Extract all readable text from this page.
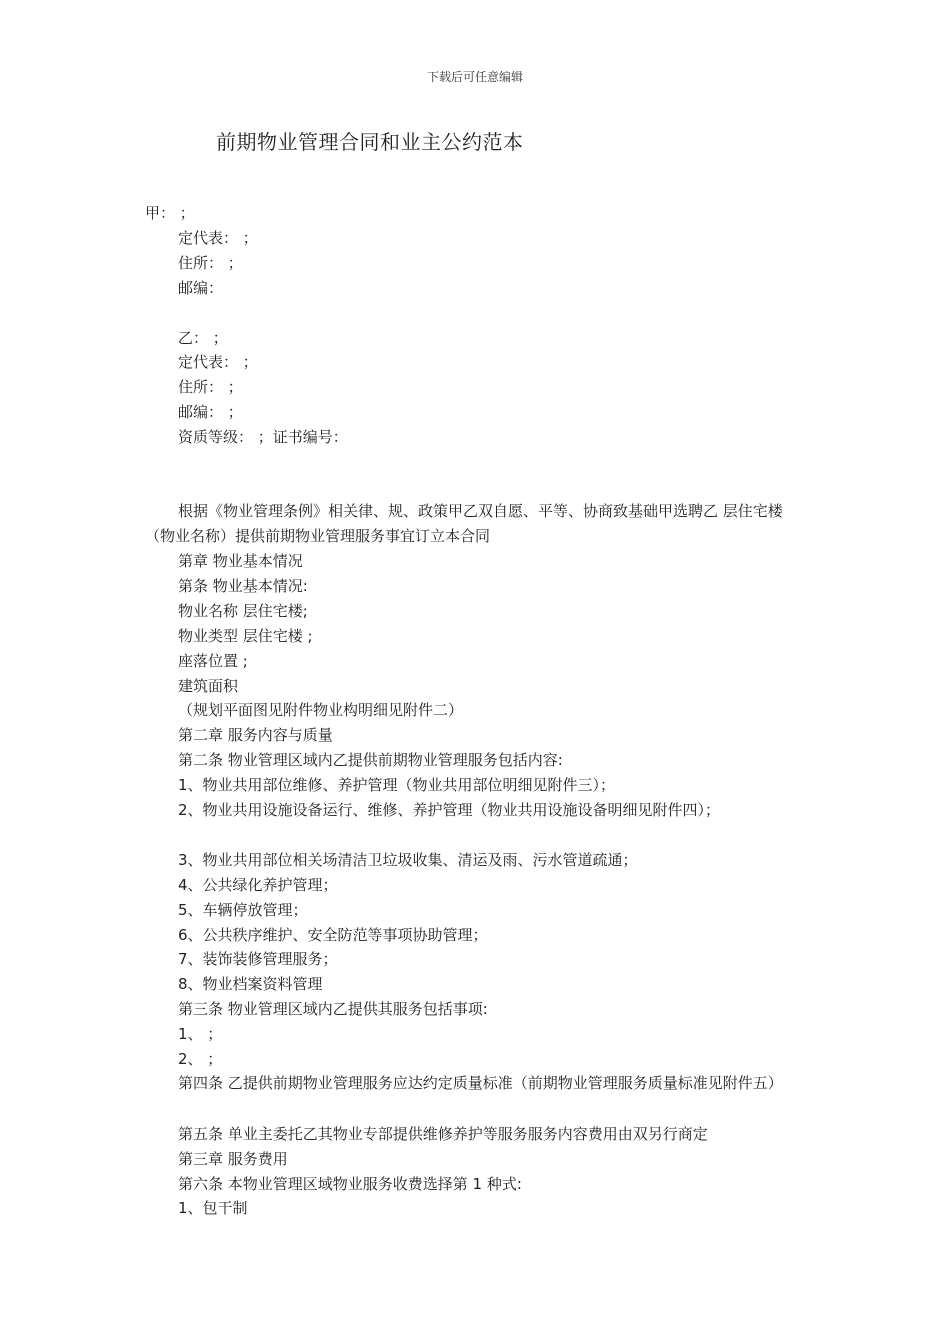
下载后可任意编辑
前期物业管理合同和业主公约范本
甲： ；
定代表： ；
住所： ；
邮编：
乙： ；
定代表： ；
住所： ；
邮编： ；
资质等级： ；证书编号：
根据《物业管理条例》相关律、规、政策甲乙双自愿、平等、协商致基础甲选聘乙 层住宅楼（物业名称）提供前期物业管理服务事宜订立本合同
第章 物业基本情况
第条 物业基本情况:
物业名称 层住宅楼;
物业类型 层住宅楼 ;
座落位置 ;
建筑面积
（规划平面图见附件物业构明细见附件二）
第二章 服务内容与质量
第二条 物业管理区域内乙提供前期物业管理服务包括内容:
1、物业共用部位维修、养护管理（物业共用部位明细见附件三）；
2、物业共用设施设备运行、维修、养护管理（物业共用设施设备明细见附件四）；
3、物业共用部位相关场清洁卫垃圾收集、清运及雨、污水管道疏通；
4、公共绿化养护管理；
5、车辆停放管理；
6、公共秩序维护、安全防范等事项协助管理；
7、装饰装修管理服务；
8、物业档案资料管理
第三条 物业管理区域内乙提供其服务包括事项:
1、 ；
2、 ；
第四条 乙提供前期物业管理服务应达约定质量标准（前期物业管理服务质量标准见附件五）
第五条 单业主委托乙其物业专部提供维修养护等服务服务内容费用由双另行商定
第三章 服务费用
第六条 本物业管理区域物业服务收费选择第 1 种式:
1、包干制
